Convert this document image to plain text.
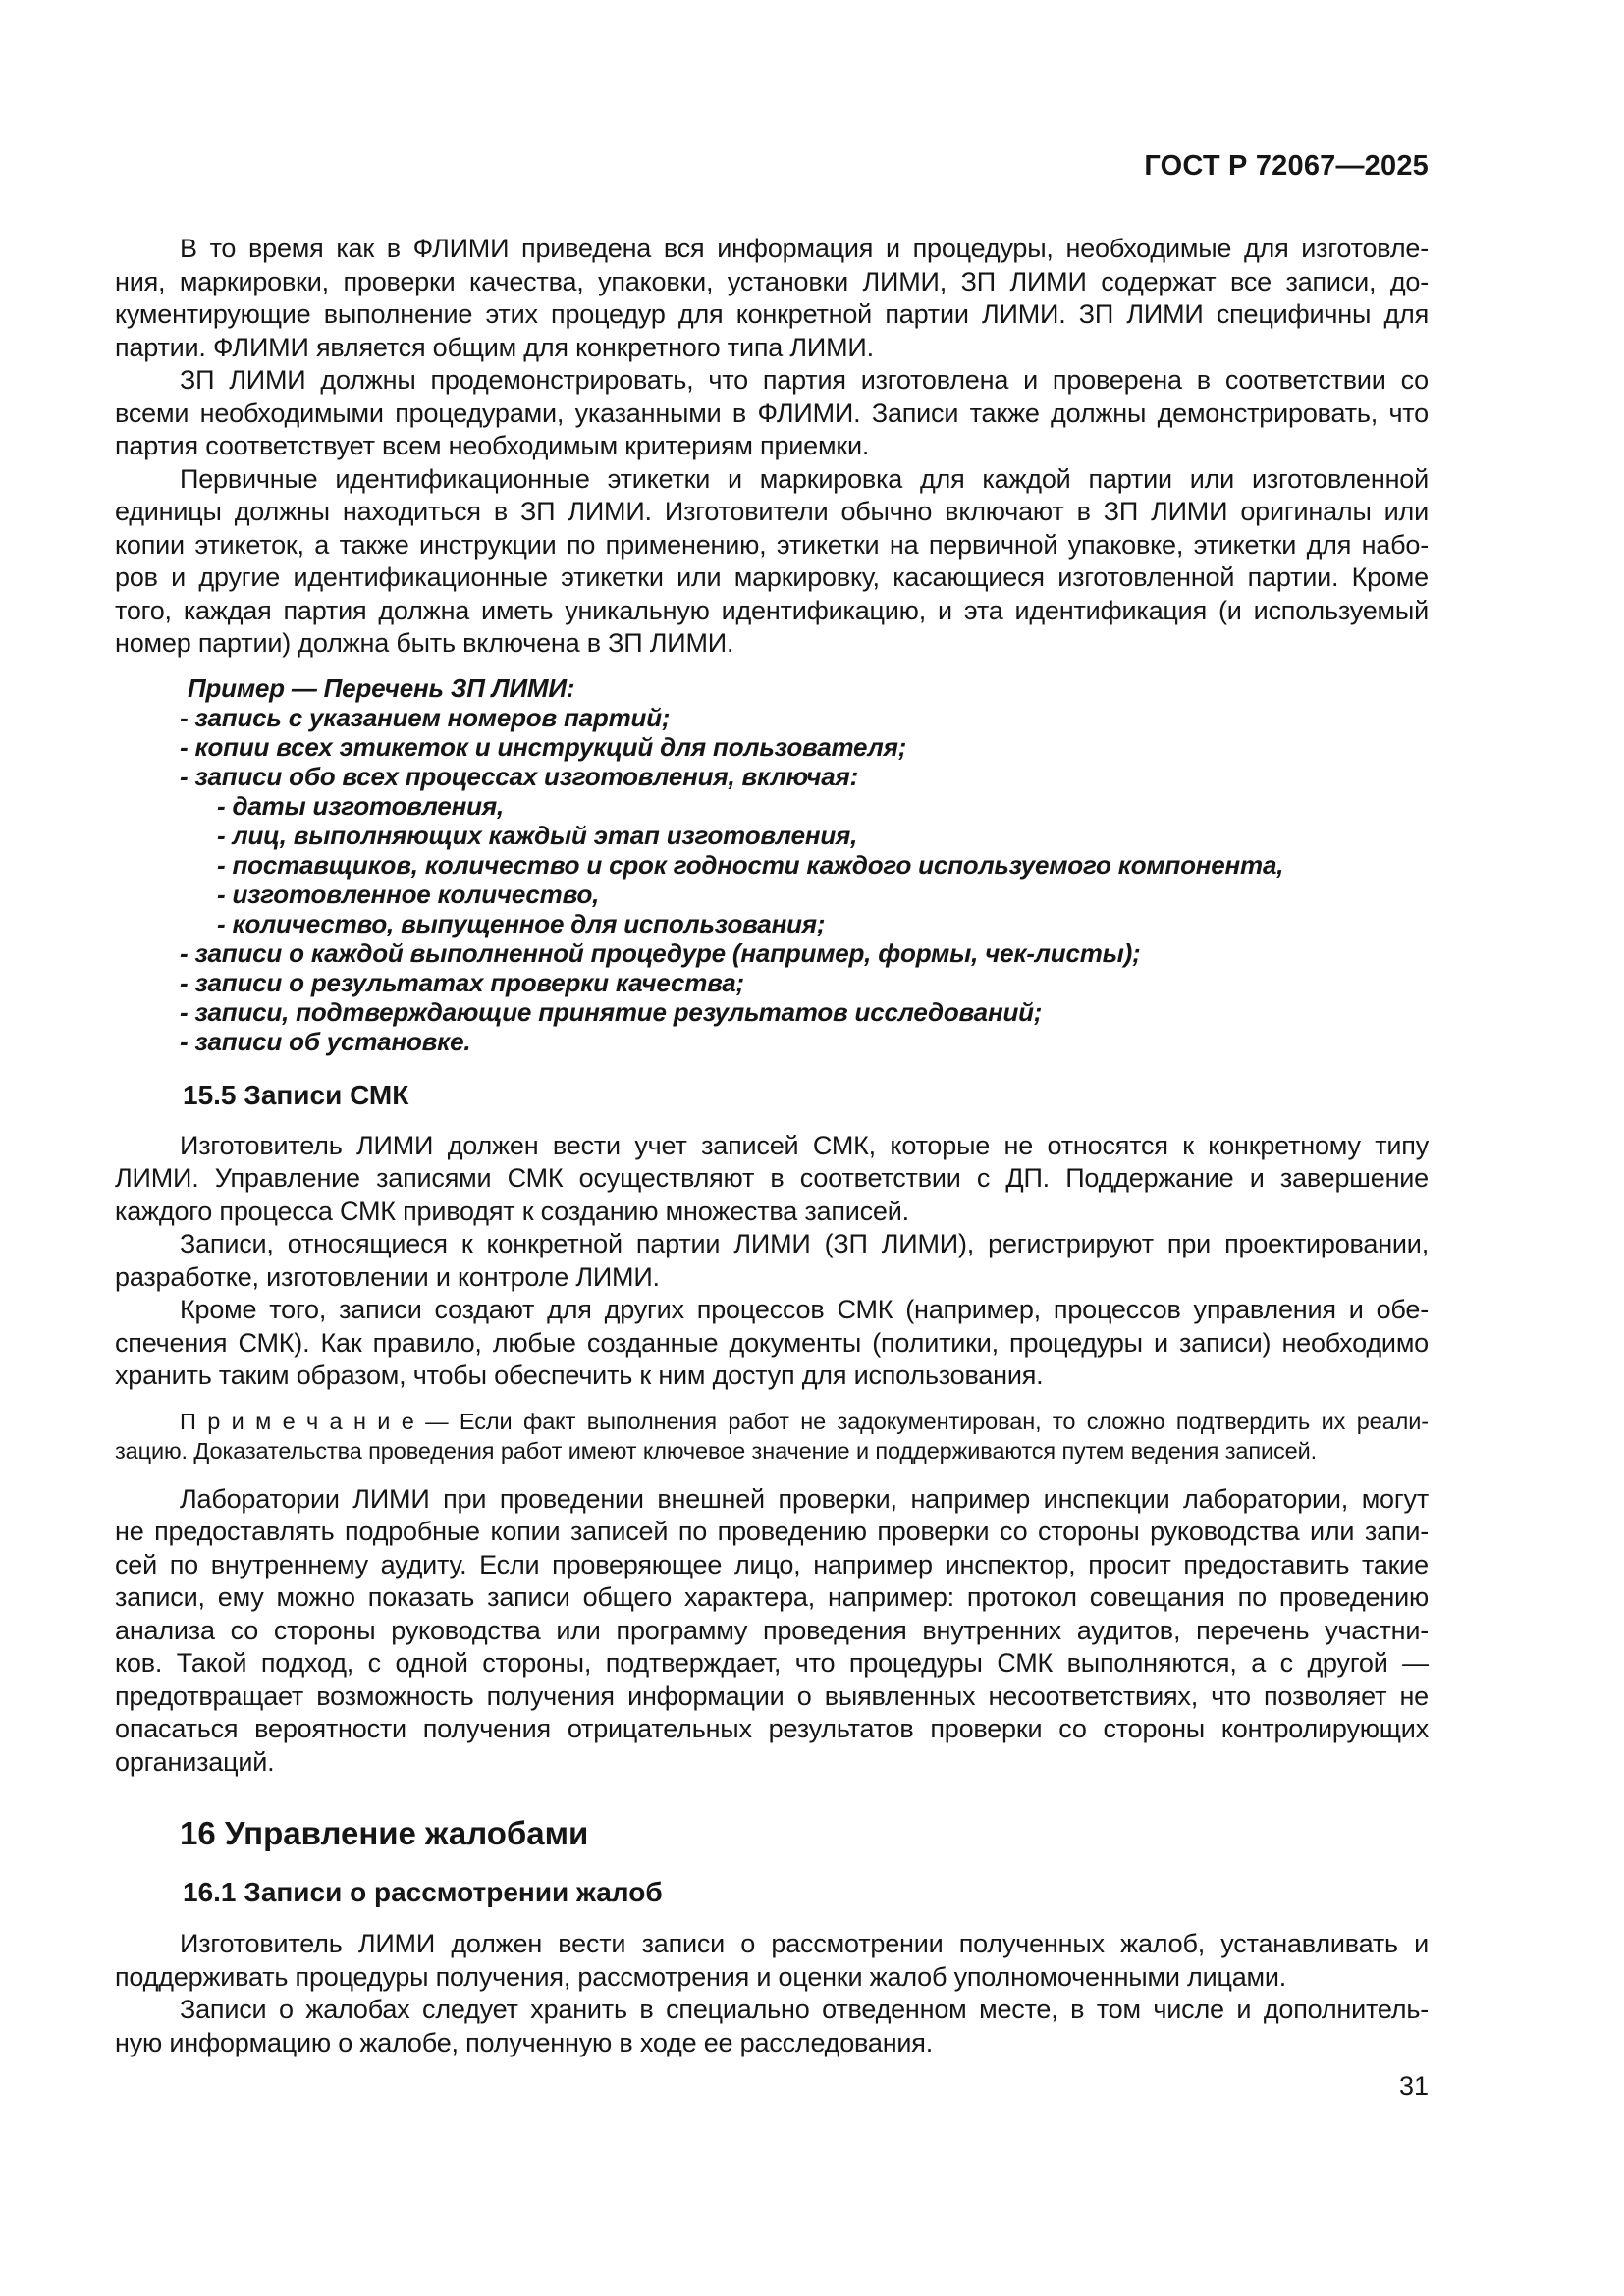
ГОСТ Р 72067—2025
В то время как в ФЛИМИ приведена вся информация и процедуры, необходимые для изготовле-
ния, маркировки, проверки качества, упаковки, установки ЛИМИ, ЗП ЛИМИ содержат все записи, до-
кументирующие выполнение этих процедур для конкретной партии ЛИМИ. ЗП ЛИМИ специфичны для
партии. ФЛИМИ является общим для конкретного типа ЛИМИ.
ЗП ЛИМИ должны продемонстрировать, что партия изготовлена и проверена в соответствии со
всеми необходимыми процедурами, указанными в ФЛИМИ. Записи также должны демонстрировать, что
партия соответствует всем необходимым критериям приемки.
Первичные идентификационные этикетки и маркировка для каждой партии или изготовленной
единицы должны находиться в ЗП ЛИМИ. Изготовители обычно включают в ЗП ЛИМИ оригиналы или
копии этикеток, а также инструкции по применению, этикетки на первичной упаковке, этикетки для набо-
ров и другие идентификационные этикетки или маркировку, касающиеся изготовленной партии. Кроме
того, каждая партия должна иметь уникальную идентификацию, и эта идентификация (и используемый
номер партии) должна быть включена в ЗП ЛИМИ.
Пример — Перечень ЗП ЛИМИ:
- запись с указанием номеров партий;
- копии всех этикеток и инструкций для пользователя;
- записи обо всех процессах изготовления, включая:
- даты изготовления,
- лиц, выполняющих каждый этап изготовления,
- поставщиков, количество и срок годности каждого используемого компонента,
- изготовленное количество,
- количество, выпущенное для использования;
- записи о каждой выполненной процедуре (например, формы, чек-листы);
- записи о результатах проверки качества;
- записи, подтверждающие принятие результатов исследований;
- записи об установке.
15.5 Записи СМК
Изготовитель ЛИМИ должен вести учет записей СМК, которые не относятся к конкретному типу
ЛИМИ. Управление записями СМК осуществляют в соответствии с ДП. Поддержание и завершение
каждого процесса СМК приводят к созданию множества записей.
Записи, относящиеся к конкретной партии ЛИМИ (ЗП ЛИМИ), регистрируют при проектировании,
разработке, изготовлении и контроле ЛИМИ.
Кроме того, записи создают для других процессов СМК (например, процессов управления и обе-
спечения СМК). Как правило, любые созданные документы (политики, процедуры и записи) необходимо
хранить таким образом, чтобы обеспечить к ним доступ для использования.
П р и м е ч а н и е — Если факт выполнения работ не задокументирован, то сложно подтвердить их реали-
зацию. Доказательства проведения работ имеют ключевое значение и поддерживаются путем ведения записей.
Лаборатории ЛИМИ при проведении внешней проверки, например инспекции лаборатории, могут
не предоставлять подробные копии записей по проведению проверки со стороны руководства или запи-
сей по внутреннему аудиту. Если проверяющее лицо, например инспектор, просит предоставить такие
записи, ему можно показать записи общего характера, например: протокол совещания по проведению
анализа со стороны руководства или программу проведения внутренних аудитов, перечень участни-
ков. Такой подход, с одной стороны, подтверждает, что процедуры СМК выполняются, а с другой —
предотвращает возможность получения информации о выявленных несоответствиях, что позволяет не
опасаться вероятности получения отрицательных результатов проверки со стороны контролирующих
организаций.
16 Управление жалобами
16.1 Записи о рассмотрении жалоб
Изготовитель ЛИМИ должен вести записи о рассмотрении полученных жалоб, устанавливать и
поддерживать процедуры получения, рассмотрения и оценки жалоб уполномоченными лицами.
Записи о жалобах следует хранить в специально отведенном месте, в том числе и дополнитель-
ную информацию о жалобе, полученную в ходе ее расследования.
31
